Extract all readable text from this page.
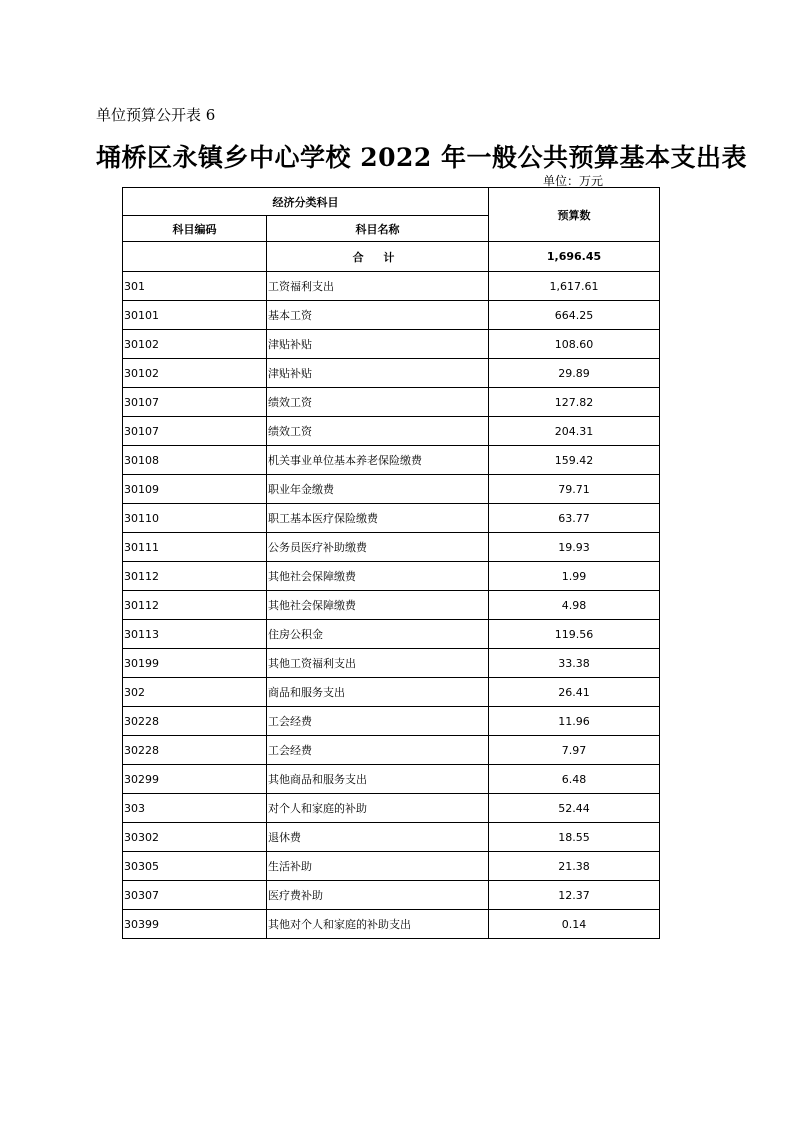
单位预算公开表 6
埇桥区永镇乡中心学校 2022 年一般公共预算基本支出表
单位：万元
经济分类科目		预算数
科目编码	科目名称	
	合 计	1,696.45
301	工资福利支出	1,617.61
30101	基本工资	664.25
30102	津贴补贴	108.60
30102	津贴补贴	29.89
30107	绩效工资	127.82
30107	绩效工资	204.31
30108	机关事业单位基本养老保险缴费	159.42
30109	职业年金缴费	79.71
30110	职工基本医疗保险缴费	63.77
30111	公务员医疗补助缴费	19.93
30112	其他社会保障缴费	1.99
30112	其他社会保障缴费	4.98
30113	住房公积金	119.56
30199	其他工资福利支出	33.38
302	商品和服务支出	26.41
30228	工会经费	11.96
30228	工会经费	7.97
30299	其他商品和服务支出	6.48
303	对个人和家庭的补助	52.44
30302	退休费	18.55
30305	生活补助	21.38
30307	医疗费补助	12.37
30399	其他对个人和家庭的补助支出	0.14
